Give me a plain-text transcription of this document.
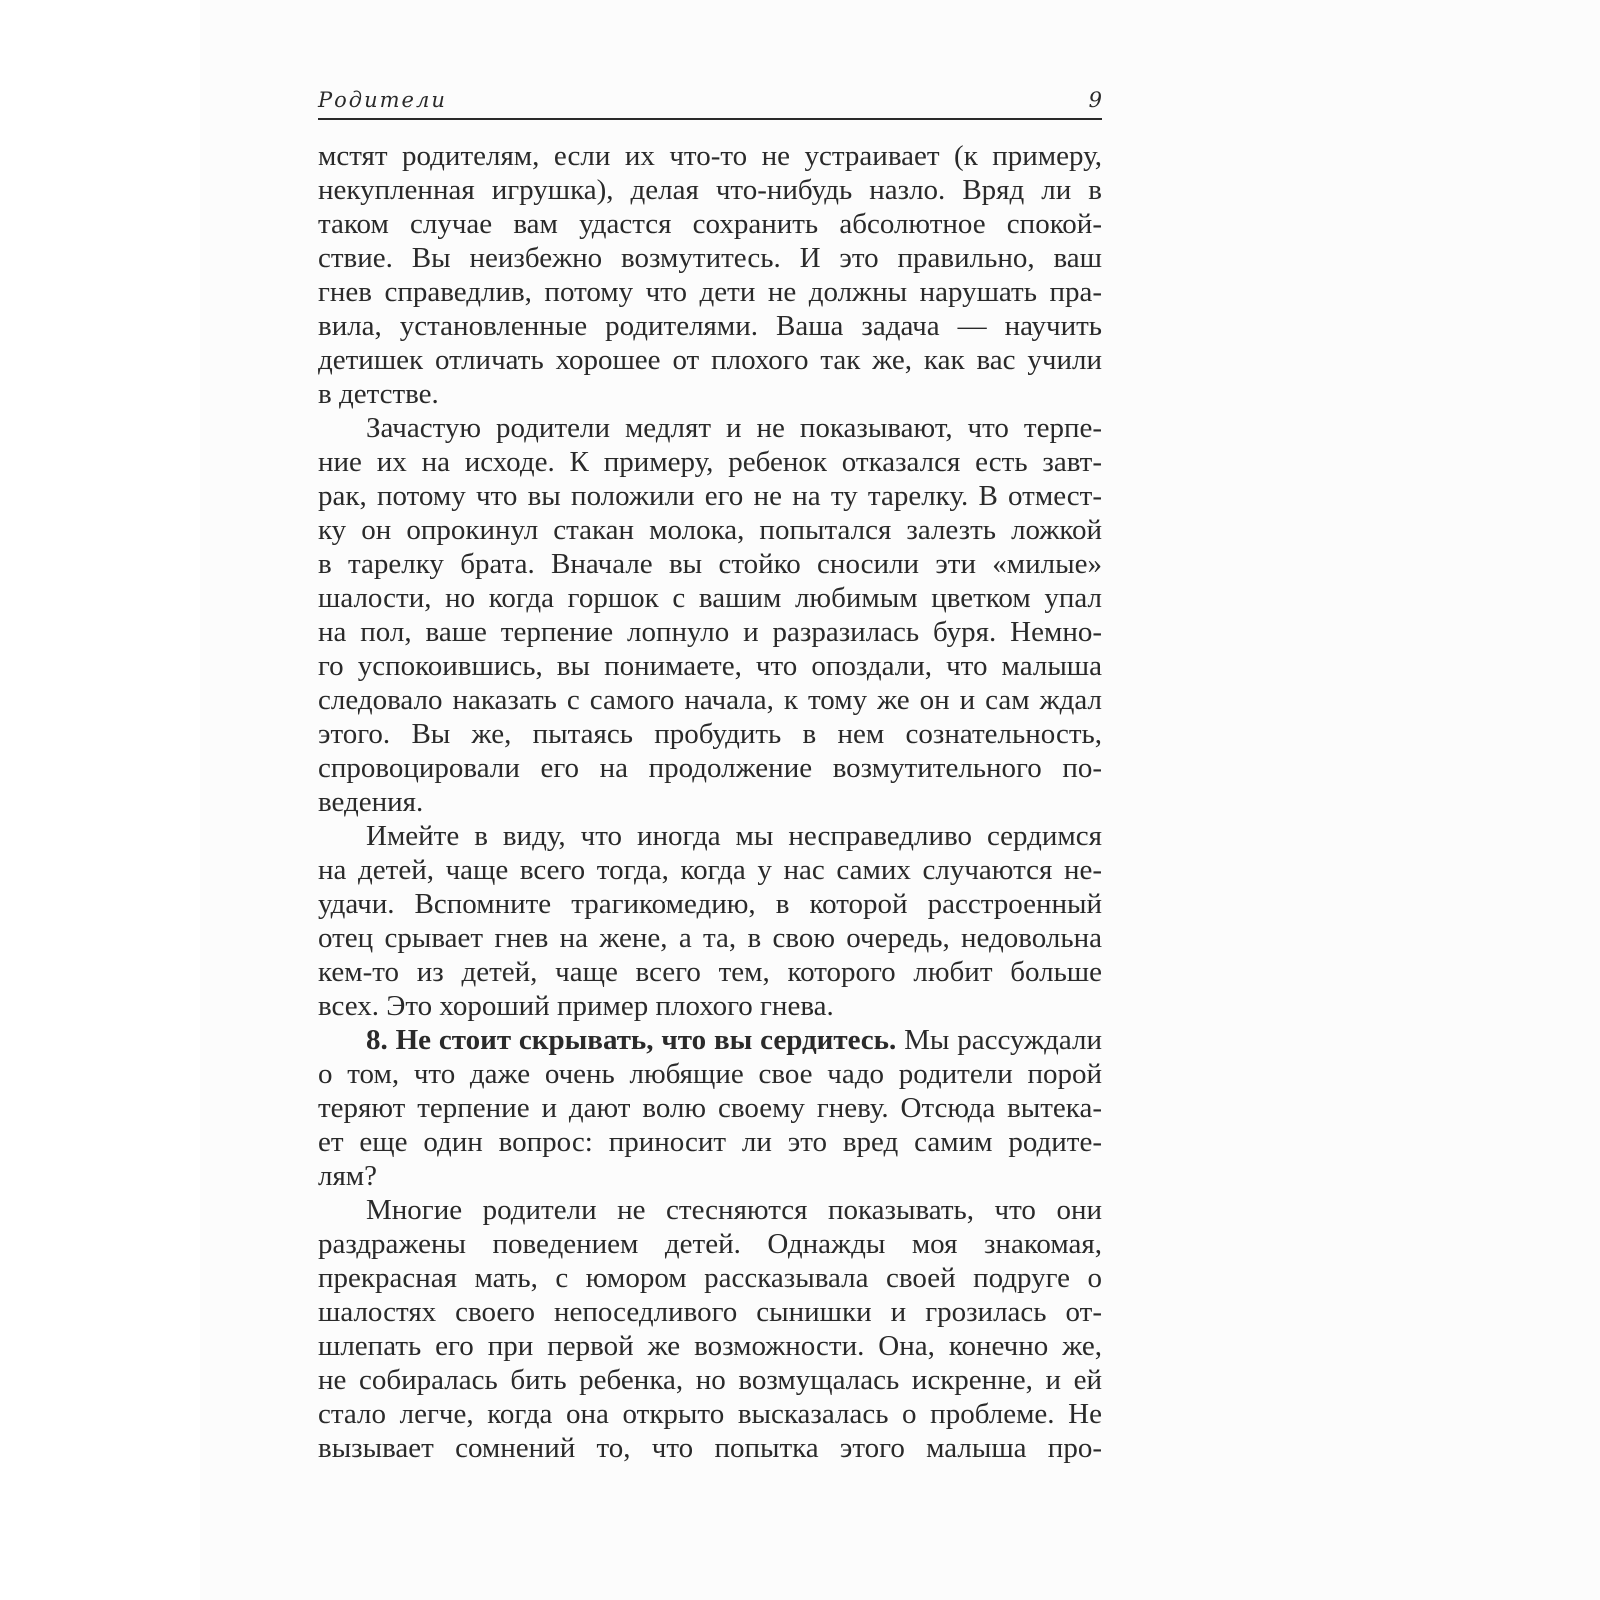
Родители	9
мстят родителям, если их что-то не устраивает (к примеру,
некупленная игрушка), делая что-нибудь назло. Вряд ли в
таком случае вам удастся сохранить абсолютное спокой-
ствие. Вы неизбежно возмутитесь. И это правильно, ваш
гнев справедлив, потому что дети не должны нарушать пра-
вила, установленные родителями. Ваша задача — научить
детишек отличать хорошее от плохого так же, как вас учили
в детстве.
Зачастую родители медлят и не показывают, что терпе-
ние их на исходе. К примеру, ребенок отказался есть завт-
рак, потому что вы положили его не на ту тарелку. В отмест-
ку он опрокинул стакан молока, попытался залезть ложкой
в тарелку брата. Вначале вы стойко сносили эти «милые»
шалости, но когда горшок с вашим любимым цветком упал
на пол, ваше терпение лопнуло и разразилась буря. Немно-
го успокоившись, вы понимаете, что опоздали, что малыша
следовало наказать с самого начала, к тому же он и сам ждал
этого. Вы же, пытаясь пробудить в нем сознательность,
спровоцировали его на продолжение возмутительного по-
ведения.
Имейте в виду, что иногда мы несправедливо сердимся
на детей, чаще всего тогда, когда у нас самих случаются не-
удачи. Вспомните трагикомедию, в которой расстроенный
отец срывает гнев на жене, а та, в свою очередь, недовольна
кем-то из детей, чаще всего тем, которого любит больше
всех. Это хороший пример плохого гнева.
8. Не стоит скрывать, что вы сердитесь. Мы рассуждали
о том, что даже очень любящие свое чадо родители порой
теряют терпение и дают волю своему гневу. Отсюда вытека-
ет еще один вопрос: приносит ли это вред самим родите-
лям?
Многие родители не стесняются показывать, что они
раздражены поведением детей. Однажды моя знакомая,
прекрасная мать, с юмором рассказывала своей подруге о
шалостях своего непоседливого сынишки и грозилась от-
шлепать его при первой же возможности. Она, конечно же,
не собиралась бить ребенка, но возмущалась искренне, и ей
стало легче, когда она открыто высказалась о проблеме. Не
вызывает сомнений то, что попытка этого малыша про-
